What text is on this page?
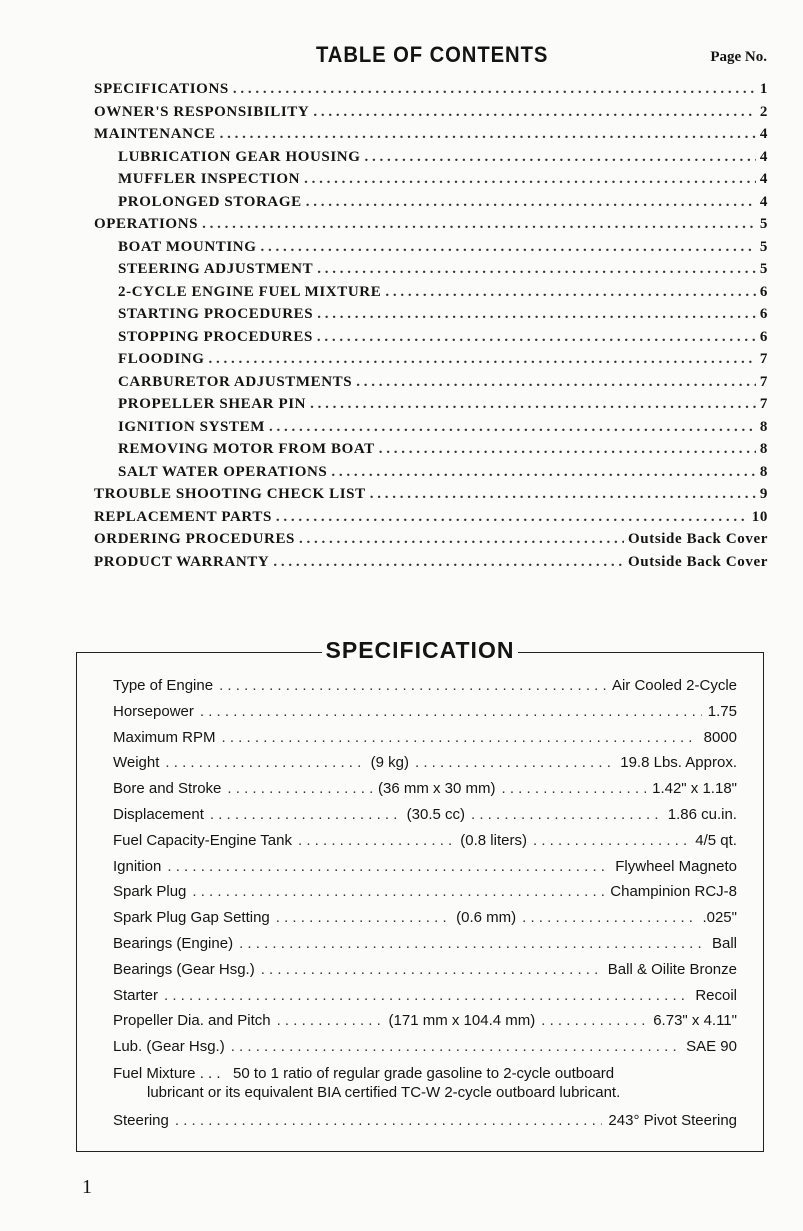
TABLE OF CONTENTS	Page No.
SPECIFICATIONS . . .	1
OWNER'S RESPONSIBILITY . . .	2
MAINTENANCE . . .	4
LUBRICATION GEAR HOUSING . . .	4
MUFFLER INSPECTION . . .	4
PROLONGED STORAGE . . .	4
OPERATIONS . . .	5
BOAT MOUNTING . . .	5
STEERING ADJUSTMENT . . .	5
2-CYCLE ENGINE FUEL MIXTURE . . .	6
STARTING PROCEDURES . . .	6
STOPPING PROCEDURES . . .	6
FLOODING . . .	7
CARBURETOR ADJUSTMENTS . . .	7
PROPELLER SHEAR PIN . . .	7
IGNITION SYSTEM . . .	8
REMOVING MOTOR FROM BOAT . . .	8
SALT WATER OPERATIONS . . .	8
TROUBLE SHOOTING CHECK LIST . . .	9
REPLACEMENT PARTS . . .	10
ORDERING PROCEDURES . . .	Outside Back Cover
PRODUCT WARRANTY . . .	Outside Back Cover
SPECIFICATION
Type of Engine . . .	Air Cooled 2-Cycle
Horsepower . . .	1.75
Maximum RPM . . .	8000
Weight . . .	(9 kg) . . .	19.8 Lbs. Approx.
Bore and Stroke . . .	(36 mm x 30 mm) . . .	1.42" x 1.18"
Displacement . . .	(30.5 cc) . . .	1.86 cu.in.
Fuel Capacity-Engine Tank . . .	(0.8 liters) . . .	4/5 qt.
Ignition . . .	Flywheel Magneto
Spark Plug . . .	Champinion RCJ-8
Spark Plug Gap Setting . . .	(0.6 mm) . . .	.025"
Bearings (Engine) . . .	Ball
Bearings (Gear Hsg.) . . .	Ball & Oilite Bronze
Starter . . .	Recoil
Propeller Dia. and Pitch . . .	(171 mm x 104.4 mm) . . .	6.73" x 4.11"
Lub. (Gear Hsg.) . . .	SAE 90
Fuel Mixture . . . 50 to 1 ratio of regular grade gasoline to 2-cycle outboard
lubricant or its equivalent BIA certified TC-W 2-cycle outboard lubricant.
Steering . . .	243° Pivot Steering
1
